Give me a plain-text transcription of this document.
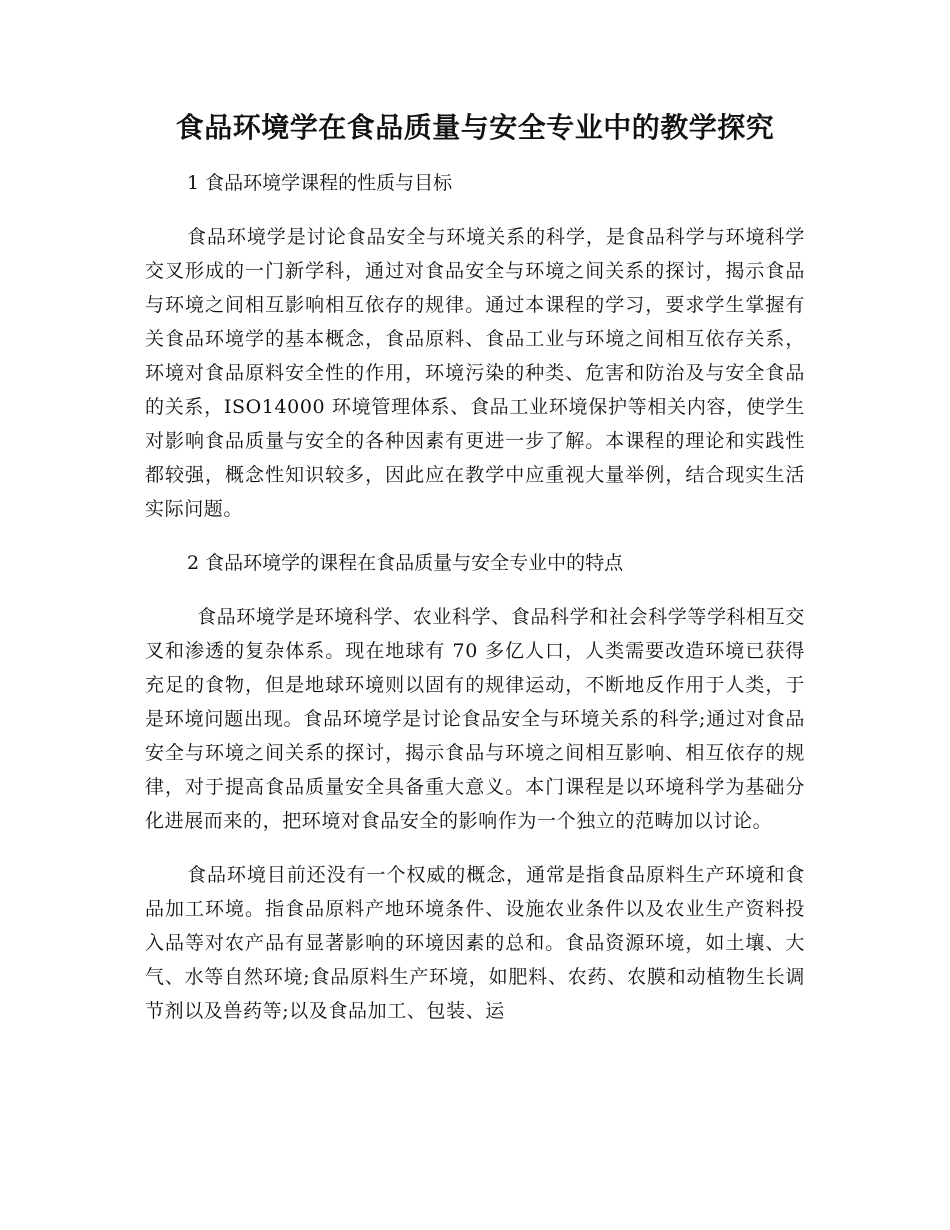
食品环境学在食品质量与安全专业中的教学探究

1 食品环境学课程的性质与目标

食品环境学是讨论食品安全与环境关系的科学，是食品科学与环境科学交叉形成的一门新学科，通过对食品安全与环境之间关系的探讨，揭示食品与环境之间相互影响相互依存的规律。通过本课程的学习，要求学生掌握有关食品环境学的基本概念，食品原料、食品工业与环境之间相互依存关系，环境对食品原料安全性的作用，环境污染的种类、危害和防治及与安全食品的关系，ISO14000 环境管理体系、食品工业环境保护等相关内容，使学生对影响食品质量与安全的各种因素有更进一步了解。本课程的理论和实践性都较强，概念性知识较多，因此应在教学中应重视大量举例，结合现实生活实际问题。

2 食品环境学的课程在食品质量与安全专业中的特点

食品环境学是环境科学、农业科学、食品科学和社会科学等学科相互交叉和渗透的复杂体系。现在地球有 70 多亿人口，人类需要改造环境已获得充足的食物，但是地球环境则以固有的规律运动，不断地反作用于人类，于是环境问题出现。食品环境学是讨论食品安全与环境关系的科学;通过对食品安全与环境之间关系的探讨，揭示食品与环境之间相互影响、相互依存的规律，对于提高食品质量安全具备重大意义。本门课程是以环境科学为基础分化进展而来的，把环境对食品安全的影响作为一个独立的范畴加以讨论。

食品环境目前还没有一个权威的概念，通常是指食品原料生产环境和食品加工环境。指食品原料产地环境条件、设施农业条件以及农业生产资料投入品等对农产品有显著影响的环境因素的总和。食品资源环境，如土壤、大气、水等自然环境;食品原料生产环境，如肥料、农药、农膜和动植物生长调节剂以及兽药等;以及食品加工、包装、运
